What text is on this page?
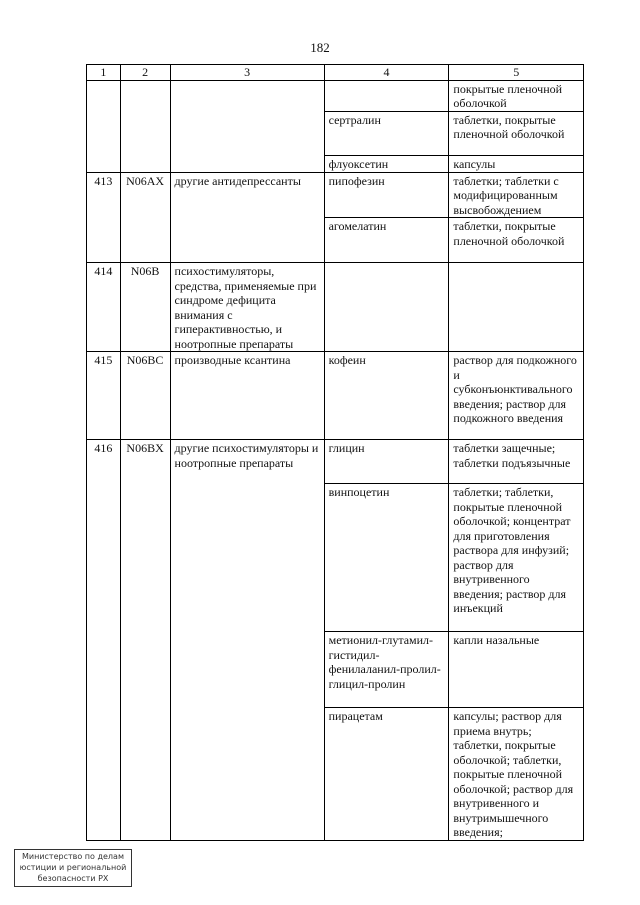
182
1	2	3	4	5
				покрытые пленочной оболочкой
			сертралин	таблетки, покрытые пленочной оболочкой
			флуоксетин	капсулы
413	N06AX	другие антидепрессанты	пипофезин	таблетки; таблетки с модифицированным высвобождением
			агомелатин	таблетки, покрытые пленочной оболочкой
414	N06B	психостимуляторы, средства, применяемые при синдроме дефицита внимания с гиперактивностью, и ноотропные препараты		
415	N06BC	производные ксантина	кофеин	раствор для подкожного и субконъюнктивального введения; раствор для подкожного введения
416	N06BX	другие психостимуляторы и ноотропные препараты	глицин	таблетки защечные; таблетки подъязычные
			винпоцетин	таблетки; таблетки, покрытые пленочной оболочкой; концентрат для приготовления раствора для инфузий; раствор для внутривенного введения; раствор для инъекций
			метионил-глутамил-гистидил-фенилаланил-пролил-глицил-пролин	капли назальные
			пирацетам	капсулы; раствор для приема внутрь; таблетки, покрытые оболочкой; таблетки, покрытые пленочной оболочкой; раствор для внутривенного и внутримышечного введения;
Министерство по делам
юстиции и региональной
безопасности РХ
